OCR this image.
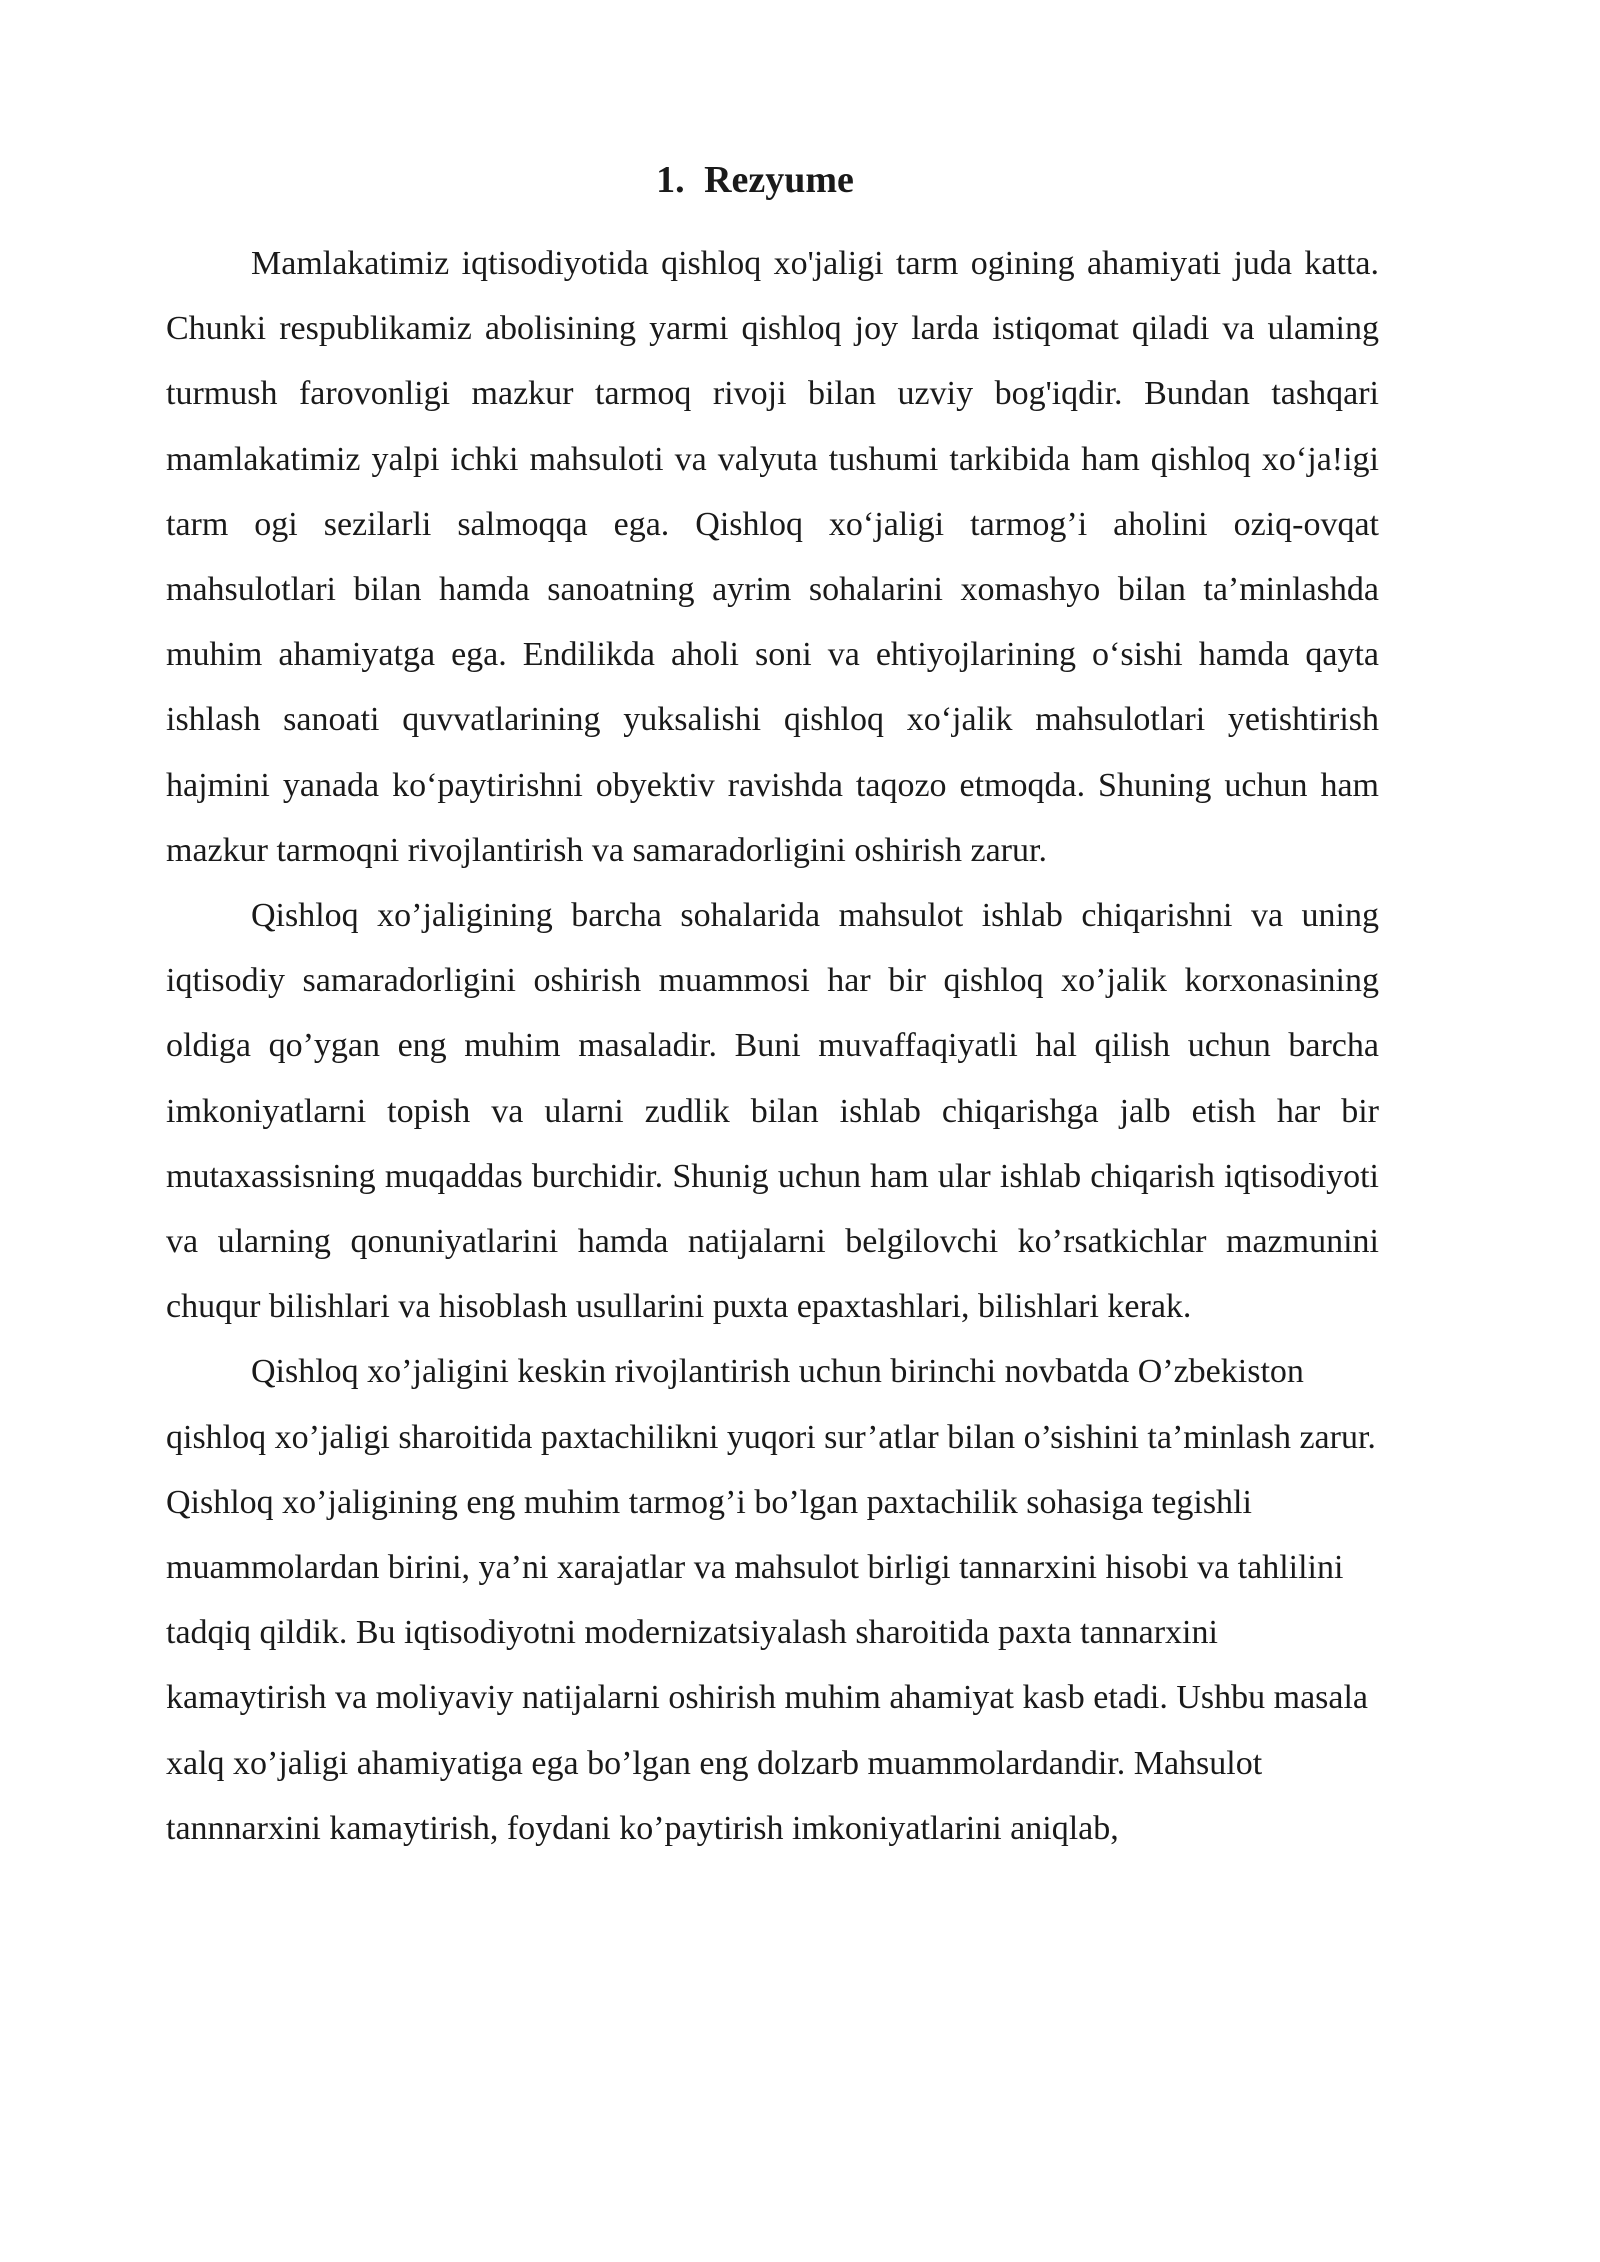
1. Rezyume

Mamlakatimiz iqtisodiyotida qishloq xo'jaligi tarm ogining ahamiyati juda katta. Chunki respublikamiz abolisining yarmi qishloq joy larda istiqomat qiladi va ulaming turmush farovonligi mazkur tarmoq rivoji bilan uzviy bog'iqdir. Bundan tashqari mamlakatimiz yalpi ichki mahsuloti va valyuta tushumi tarkibida ham qishloq xo‘ja!igi tarm ogi sezilarli salmoqqa ega. Qishloq xo‘jaligi tarmog’i aholini oziq-ovqat mahsulotlari bilan hamda sanoatning ayrim sohalarini xomashyo bilan ta’minlashda muhim ahamiyatga ega. Endilikda aholi soni va ehtiyojlarining o‘sishi hamda qayta ishlash sanoati quvvatlarining yuksalishi qishloq xo‘jalik mahsulotlari yetishtirish hajmini yanada ko‘paytirishni obyektiv ravishda taqozo etmoqda. Shuning uchun ham mazkur tarmoqni rivojlantirish va samaradorligini oshirish zarur.

Qishloq xo’jaligining barcha sohalarida mahsulot ishlab chiqarishni va uning iqtisodiy samaradorligini oshirish muammosi har bir qishloq xo’jalik korxonasining oldiga qo’ygan eng muhim masaladir. Buni muvaffaqiyatli hal qilish uchun barcha imkoniyatlarni topish va ularni zudlik bilan ishlab chiqarishga jalb etish har bir mutaxassisning muqaddas burchidir. Shunig uchun ham ular ishlab chiqarish iqtisodiyoti va ularning qonuniyatlarini hamda natijalarni belgilovchi ko’rsatkichlar mazmunini chuqur bilishlari va hisoblash usullarini puxta epaxtashlari, bilishlari kerak.

Qishloq xo’jaligini keskin rivojlantirish uchun birinchi novbatda O’zbekiston qishloq xo’jaligi sharoitida paxtachilikni yuqori sur’atlar bilan o’sishini ta’minlash zarur. Qishloq xo’jaligining eng muhim tarmog’i bo’lgan paxtachilik sohasiga tegishli muammolardan birini, ya’ni xarajatlar va mahsulot birligi tannarxini hisobi va tahlilini tadqiq qildik. Bu iqtisodiyotni modernizatsiyalash sharoitida paxta tannarxini kamaytirish va moliyaviy natijalarni oshirish muhim ahamiyat kasb etadi. Ushbu masala xalq xo’jaligi ahamiyatiga ega bo’lgan eng dolzarb muammolardandir. Mahsulot tannnarxini kamaytirish, foydani ko’paytirish imkoniyatlarini aniqlab,
